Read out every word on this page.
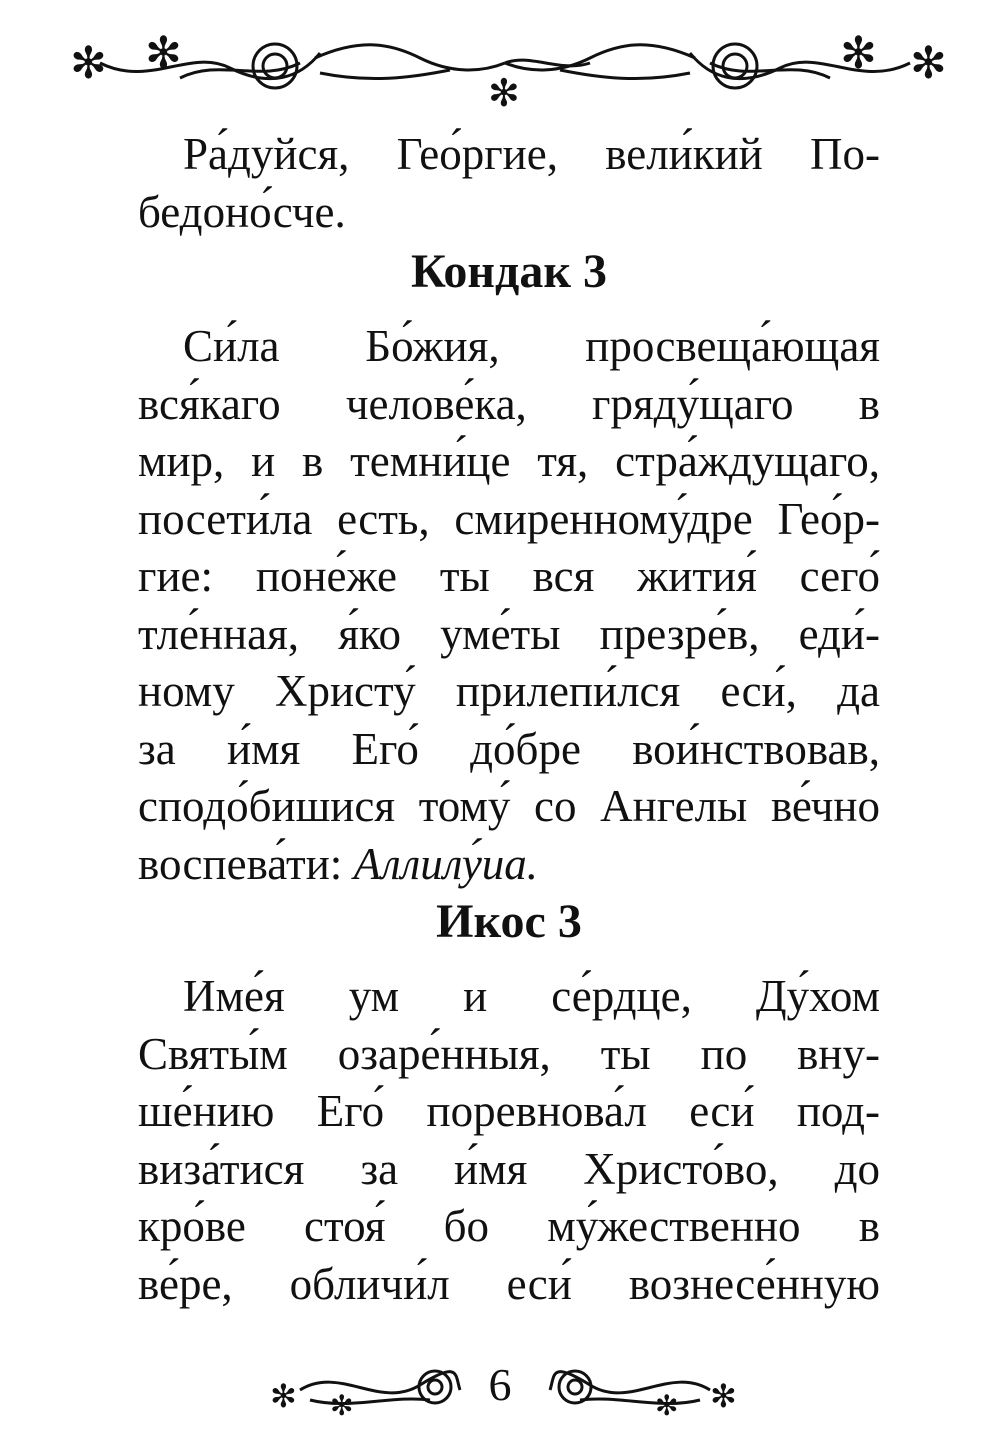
✻ ✻
✻
✻ ✻
Ра́дуйся, Гео́ргие, вели́кий По-
бедоно́сче.
Кондак 3
Си́ла Бо́жия, просвеща́ющая
вся́каго челове́ка, гряду́щаго в
мир, и в темни́це тя, стра́ждущаго,
посети́ла есть, смиренному́дре Гео́р-
гие: поне́же ты вся жития́ сего́
тле́нная, я́ко уме́ты презре́в, еди́-
ному Христу́ прилепи́лся еси́, да
за и́мя Его́ до́бре вои́нствовав,
сподо́бишися тому́ со Ангелы ве́чно
воспева́ти: Аллилу́иа.
Икос 3
Име́я ум и се́рдце, Ду́хом
Святы́м озаре́нныя, ты по вну-
ше́нию Его́ поревнова́л еси́ под-
виза́тися за и́мя Христо́во, до
кро́ве стоя́ бо му́жественно в
ве́ре, обличи́л еси́ вознесе́нную
✻ ✻	✻ ✻
6
